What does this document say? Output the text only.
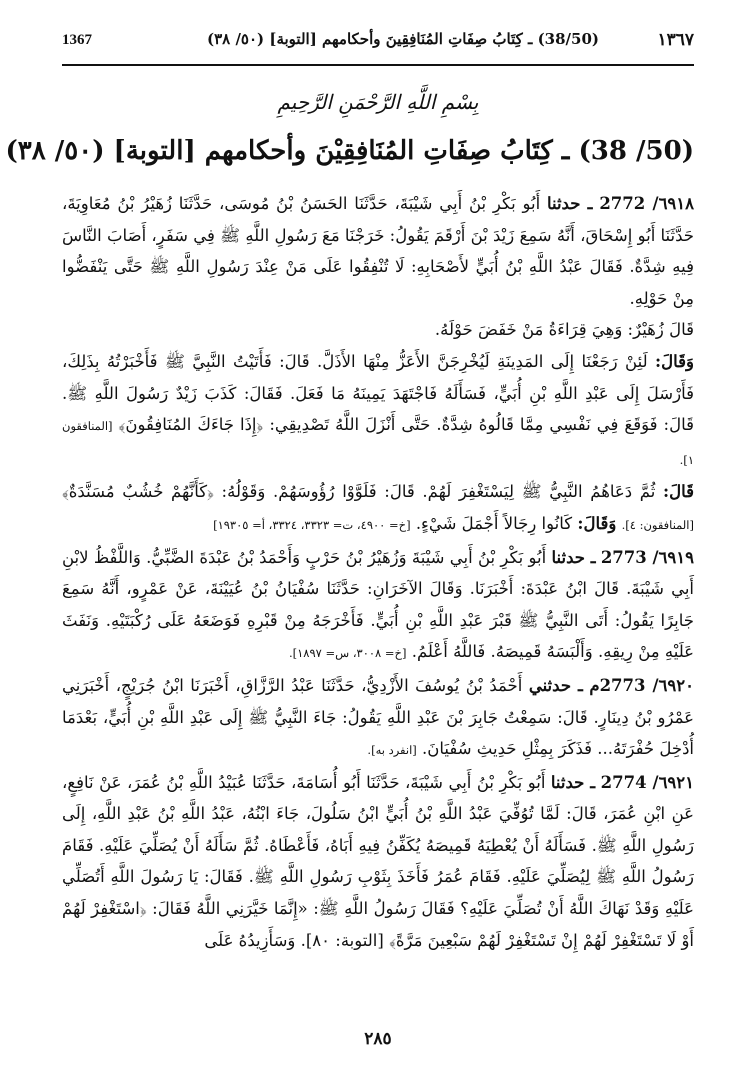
1367	(38/50) ـ كِتَابُ صِفَاتِ المُنَافِقِينَ وأحكامهم [التوبة] (٥٠/ ٣٨)	١٣٦٧
بِسْمِ اللَّهِ الرَّحْمَنِ الرَّحِيمِ
(50/ 38) ـ كِتَابُ صِفَاتِ المُنَافِقِيْنَ وأحكامهم [التوبة] (٥٠/ ٣٨)

٦٩١٨/ 2772 ـ حدثنا أَبُو بَكْرِ بْنُ أَبِي شَيْبَةَ، حَدَّثَنَا الحَسَنُ بْنُ مُوسَى، حَدَّثَنَا زُهَيْرُ بْنُ مُعَاوِيَةَ، حَدَّثَنَا أَبُو إِسْحَاقَ، أَنَّهُ سَمِعَ زَيْدَ بْنَ أَرْقَمَ يَقُولُ: خَرَجْنَا مَعَ رَسُولِ اللَّهِ ﷺ فِي سَفَرٍ، أَصَابَ النَّاسَ فِيهِ شِدَّةٌ. فَقَالَ عَبْدُ اللَّهِ بْنُ أُبَيٍّ لأَصْحَابِهِ: لَا تُنْفِقُوا عَلَى مَنْ عِنْدَ رَسُولِ اللَّهِ ﷺ حَتَّى يَنْفَضُّوا مِنْ حَوْلِهِ.

قَالَ زُهَيْرٌ: وَهِيَ قِرَاءَةُ مَنْ خَفَضَ حَوْلَهُ.

وَقَالَ: لَئِنْ رَجَعْنَا إِلَى المَدِينَةِ لَيُخْرِجَنَّ الأَعَزُّ مِنْهَا الأَذَلَّ. قَالَ: فَأَتَيْتُ النَّبِيَّ ﷺ فَأَخْبَرْتُهُ بِذَلِكَ، فَأَرْسَلَ إِلَى عَبْدِ اللَّهِ بْنِ أُبَيٍّ، فَسَأَلَهُ فَاجْتَهَدَ يَمِينَهُ مَا فَعَلَ. فَقَالَ: كَذَبَ زَيْدٌ رَسُولَ اللَّهِ ﷺ. قَالَ: فَوَقَعَ فِي نَفْسِي مِمَّا قَالُوهُ شِدَّةٌ. حَتَّى أَنْزَلَ اللَّهُ تَصْدِيقِي: ﴿إِذَا جَاءَكَ المُنَافِقُونَ﴾ [المنافقون ١].

قَالَ: ثُمَّ دَعَاهُمُ النَّبِيُّ ﷺ لِيَسْتَغْفِرَ لَهُمْ. قَالَ: فَلَوَّوْا رُؤُوسَهُمْ. وَقَوْلُهُ: ﴿كَأَنَّهُمْ خُشُبٌ مُسَنَّدَةٌ﴾ [المنافقون: ٤]. وَقَالَ: كَانُوا رِجَالاً أَجْمَلَ شَيْءٍ. [خ= ٤٩٠٠، ت= ٣٣٢٣، ٣٣٢٤، أ= ١٩٣٠٥]

٦٩١٩/ 2773 ـ حدثنا أَبُو بَكْرِ بْنُ أَبِي شَيْبَةَ وَزُهَيْرُ بْنُ حَرْبٍ وَأَحْمَدُ بْنُ عَبْدَةَ الضَّبِّيُّ. وَاللَّفْظُ لابْنِ أَبِي شَيْبَةَ. قَالَ ابْنُ عَبْدَةَ: أَخْبَرَنَا. وَقَالَ الآخَرَانِ: حَدَّثَنَا سُفْيَانُ بْنُ عُيَيْنَةَ، عَنْ عَمْرٍو، أَنَّهُ سَمِعَ جَابِرًا يَقُولُ: أَتَى النَّبِيُّ ﷺ قَبْرَ عَبْدِ اللَّهِ بْنِ أُبَيٍّ. فَأَخْرَجَهُ مِنْ قَبْرِهِ فَوَضَعَهُ عَلَى رُكْبَتَيْهِ. وَنَفَثَ عَلَيْهِ مِنْ رِيقِهِ. وَأَلْبَسَهُ قَمِيصَهُ. فَاللَّهُ أَعْلَمُ. [خ= ٣٠٠٨، س= ١٨٩٧].

٦٩٢٠/ 2773م ـ حدثني أَحْمَدُ بْنُ يُوسُفَ الأَزْدِيُّ، حَدَّثَنَا عَبْدُ الرَّزَّاقِ، أَخْبَرَنَا ابْنُ جُرَيْجٍ، أَخْبَرَنِي عَمْرُو بْنُ دِينَارٍ. قَالَ: سَمِعْتُ جَابِرَ بْنَ عَبْدِ اللَّهِ يَقُولُ: جَاءَ النَّبِيُّ ﷺ إِلَى عَبْدِ اللَّهِ بْنِ أُبَيٍّ، بَعْدَمَا أُدْخِلَ حُفْرَتَهُ... فَذَكَرَ بِمِثْلِ حَدِيثِ سُفْيَانَ. [انفرد به].

٦٩٢١/ 2774 ـ حدثنا أَبُو بَكْرِ بْنُ أَبِي شَيْبَةَ، حَدَّثَنَا أَبُو أُسَامَةَ، حَدَّثَنَا عُبَيْدُ اللَّهِ بْنُ عُمَرَ، عَنْ نَافِعٍ، عَنِ ابْنِ عُمَرَ، قَالَ: لَمَّا تُوُفِّيَ عَبْدُ اللَّهِ بْنُ أُبَيٍّ ابْنُ سَلُولَ، جَاءَ ابْنُهُ، عَبْدُ اللَّهِ بْنُ عَبْدِ اللَّهِ، إِلَى رَسُولِ اللَّهِ ﷺ. فَسَأَلَهُ أَنْ يُعْطِيَهُ قَمِيصَهُ يُكَفِّنُ فِيهِ أَبَاهُ، فَأَعْطَاهُ. ثُمَّ سَأَلَهُ أَنْ يُصَلِّيَ عَلَيْهِ. فَقَامَ رَسُولُ اللَّهِ ﷺ لِيُصَلِّيَ عَلَيْهِ. فَقَامَ عُمَرُ فَأَخَذَ بِثَوْبِ رَسُولِ اللَّهِ ﷺ. فَقَالَ: يَا رَسُولَ اللَّهِ أَتُصَلِّي عَلَيْهِ وَقَدْ نَهَاكَ اللَّهُ أَنْ تُصَلِّيَ عَلَيْهِ؟ فَقَالَ رَسُولُ اللَّهِ ﷺ: «إِنَّمَا خَيَّرَنِي اللَّهُ فَقَالَ: ﴿اسْتَغْفِرْ لَهُمْ أَوْ لَا تَسْتَغْفِرْ لَهُمْ إِنْ تَسْتَغْفِرْ لَهُمْ سَبْعِينَ مَرَّةً﴾ [التوبة: ٨٠]. وَسَأَزِيدُهُ عَلَى

٢٨٥
